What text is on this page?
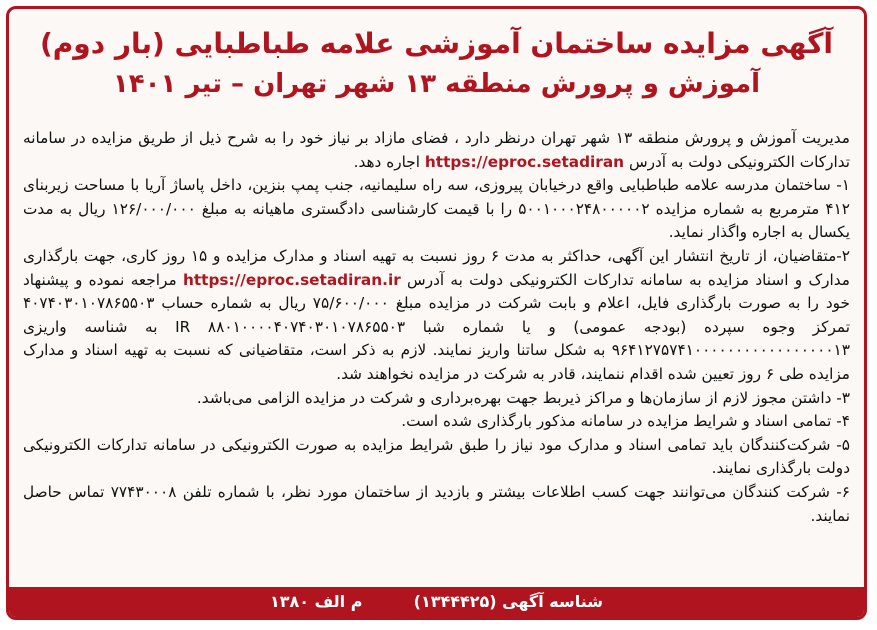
آگهی مزایده ساختمان آموزشی علامه طباطبایی (بار دوم)
آموزش و پرورش منطقه ۱۳ شهر تهران – تیر ۱۴۰۱

مدیریت آموزش و پرورش منطقه ۱۳ شهر تهران درنظر دارد ، فضای مازاد بر نیاز خود را به شرح ذیل از طریق مزایده در سامانه تدارکات الکترونیکی دولت به آدرس https://eproc.setadiran اجاره دهد.

۱- ساختمان مدرسه علامه طباطبایی واقع درخیابان پیروزی، سه راه سلیمانیه، جنب پمپ بنزین، داخل پاساژ آریا با مساحت زیربنای ۴۱۲ مترمربع به شماره مزایده ۵۰۰۱۰۰۰۲۴۸۰۰۰۰۰۲ را با قیمت کارشناسی دادگستری ماهیانه به مبلغ ۱۲۶/۰۰۰/۰۰۰ ریال به مدت یکسال به اجاره واگذار نماید.

۲-متقاضیان، از تاریخ انتشار این آگهی، حداکثر به مدت ۶ روز نسبت به تهیه اسناد و مدارک مزایده و ۱۵ روز کاری، جهت بارگذاری مدارک و اسناد مزایده به سامانه تدارکات الکترونیکی دولت به آدرس https://eproc.setadiran.ir مراجعه نموده و پیشنهاد خود را به صورت بارگذاری فایل، اعلام و بابت شرکت در مزایده مبلغ ۷۵/۶۰۰/۰۰۰ ریال به شماره حساب ۴۰۷۴۰۳۰۱۰۷۸۶۵۵۰۳ تمرکز وجوه سپرده (بودجه عمومی) و یا شماره شبا IR ۸۸۰۱۰۰۰۰۴۰۷۴۰۳۰۱۰۷۸۶۵۵۰۳ به شناسه واریزی ۹۶۴۱۲۷۵۷۴۱۰۰۰۰۰۰۰۰۰۰۰۰۰۰۰۰۰۱۳ به شکل ساتنا واریز نمایند. لازم به ذکر است، متقاضیانی که نسبت به تهیه اسناد و مدارک مزایده طی ۶ روز تعیین شده اقدام ننمایند، قادر به شرکت در مزایده نخواهند شد.

۳- داشتن مجوز لازم از سازمان‌ها و مراکز ذیربط جهت بهره‌برداری و شرکت در مزایده الزامی می‌باشد.

۴- تمامی اسناد و شرایط مزایده در سامانه مذکور بارگذاری شده است.

۵- شرکت‌کنندگان باید تمامی اسناد و مدارک مود نیاز را طبق شرایط مزایده به صورت الکترونیکی در سامانه تدارکات الکترونیکی دولت بارگذاری نمایند.

۶- شرکت کنندگان می‌توانند جهت کسب اطلاعات بیشتر و بازدید از ساختمان مورد نظر، با شماره تلفن ۷۷۴۳۰۰۰۸ تماس حاصل نمایند.

شناسه آگهی (۱۳۴۴۴۲۵)  م الف ۱۳۸۰
